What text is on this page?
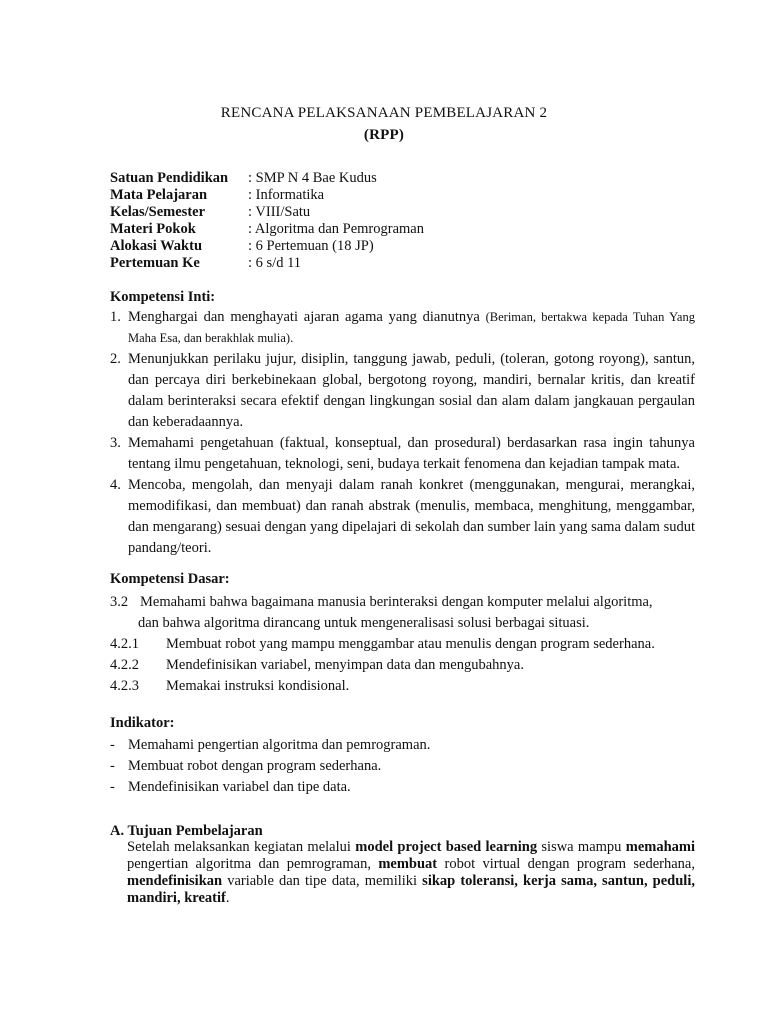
RENCANA PELAKSANAAN PEMBELAJARAN 2
(RPP)
Satuan Pendidikan : SMP N 4 Bae Kudus
Mata Pelajaran	: Informatika
Kelas/Semester	: VIII/Satu
Materi Pokok	: Algoritma dan Pemrograman
Alokasi Waktu	: 6 Pertemuan (18 JP)
Pertemuan Ke	: 6 s/d 11
Kompetensi Inti:
1. Menghargai dan menghayati ajaran agama yang dianutnya (Beriman, bertakwa kepada Tuhan Yang Maha Esa, dan berakhlak mulia).
2. Menunjukkan perilaku jujur, disiplin, tanggung jawab, peduli, (toleran, gotong royong), santun, dan percaya diri berkebinekaan global, bergotong royong, mandiri, bernalar kritis, dan kreatif dalam berinteraksi secara efektif dengan lingkungan sosial dan alam dalam jangkauan pergaulan dan keberadaannya.
3. Memahami pengetahuan (faktual, konseptual, dan prosedural) berdasarkan rasa ingin tahunya tentang ilmu pengetahuan, teknologi, seni, budaya terkait fenomena dan kejadian tampak mata.
4. Mencoba, mengolah, dan menyaji dalam ranah konkret (menggunakan, mengurai, merangkai, memodifikasi, dan membuat) dan ranah abstrak (menulis, membaca, menghitung, menggambar, dan mengarang) sesuai dengan yang dipelajari di sekolah dan sumber lain yang sama dalam sudut pandang/teori.
Kompetensi Dasar:
3.2 Memahami bahwa bagaimana manusia berinteraksi dengan komputer melalui algoritma,
dan bahwa algoritma dirancang untuk mengeneralisasi solusi berbagai situasi.
4.2.1 Membuat robot yang mampu menggambar atau menulis dengan program sederhana.
4.2.2 Mendefinisikan variabel, menyimpan data dan mengubahnya.
4.2.3 Memakai instruksi kondisional.
Indikator:
- Memahami pengertian algoritma dan pemrograman.
- Membuat robot dengan program sederhana.
- Mendefinisikan variabel dan tipe data.
A. Tujuan Pembelajaran
Setelah melaksankan kegiatan melalui model project based learning siswa mampu memahami pengertian algoritma dan pemrograman, membuat robot virtual dengan program sederhana, mendefinisikan variable dan tipe data, memiliki sikap toleransi, kerja sama, santun, peduli, mandiri, kreatif.
